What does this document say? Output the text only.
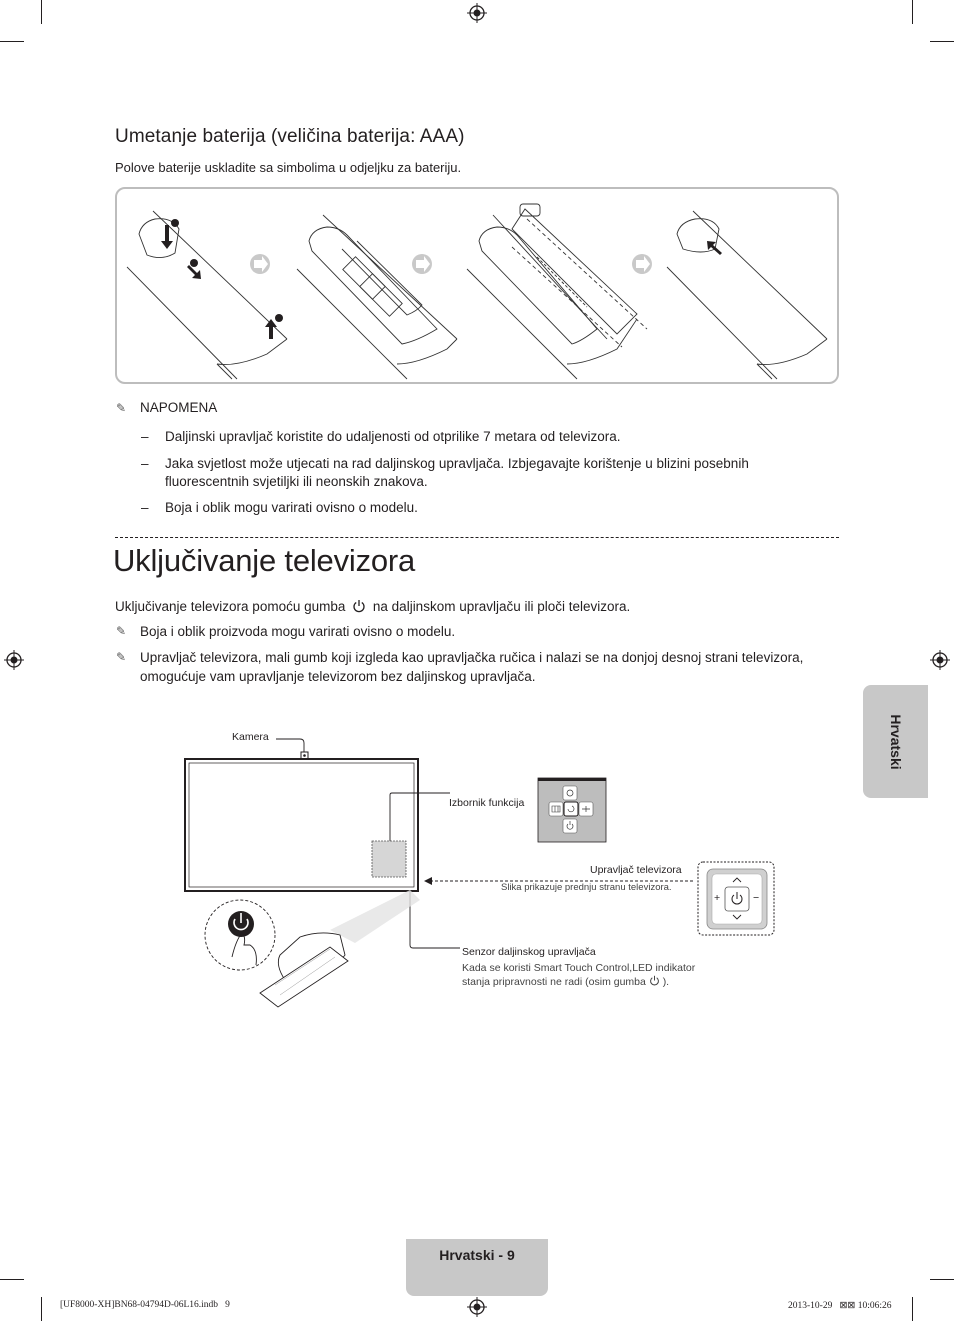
Umetanje baterija (veličina baterija: AAA)
Polove baterije uskladite sa simbolima u odjeljku za bateriju.
✎ NAPOMENA
– Daljinski upravljač koristite do udaljenosti od otprilike 7 metara od televizora.
– Jaka svjetlost može utjecati na rad daljinskog upravljača. Izbjegavajte korištenje u blizini posebnih
fluorescentnih svjetiljki ili neonskih znakova.
– Boja i oblik mogu varirati ovisno o modelu.
Uključivanje televizora
Uključivanje televizora pomoću gumba na daljinskom upravljaču ili ploči televizora.
✎ Boja i oblik proizvoda mogu varirati ovisno o modelu.
✎ Upravljač televizora, mali gumb koji izgleda kao upravljačka ručica i nalazi se na donjoj desnoj strani televizora,
omogućuje vam upravljanje televizorom bez daljinskog upravljača.
Kamera
Izbornik funkcija
Upravljač televizora
Slika prikazuje prednju stranu televizora.
+	−
Senzor daljinskog upravljača
Kada se koristi Smart Touch Control,LED indikator
stanja pripravnosti ne radi (osim gumba ).
Hrvatski
Hrvatski - 9
[UF8000-XH]BN68-04794D-06L16.indb   9	2013-10-29   ⊠⊠ 10:06:26
